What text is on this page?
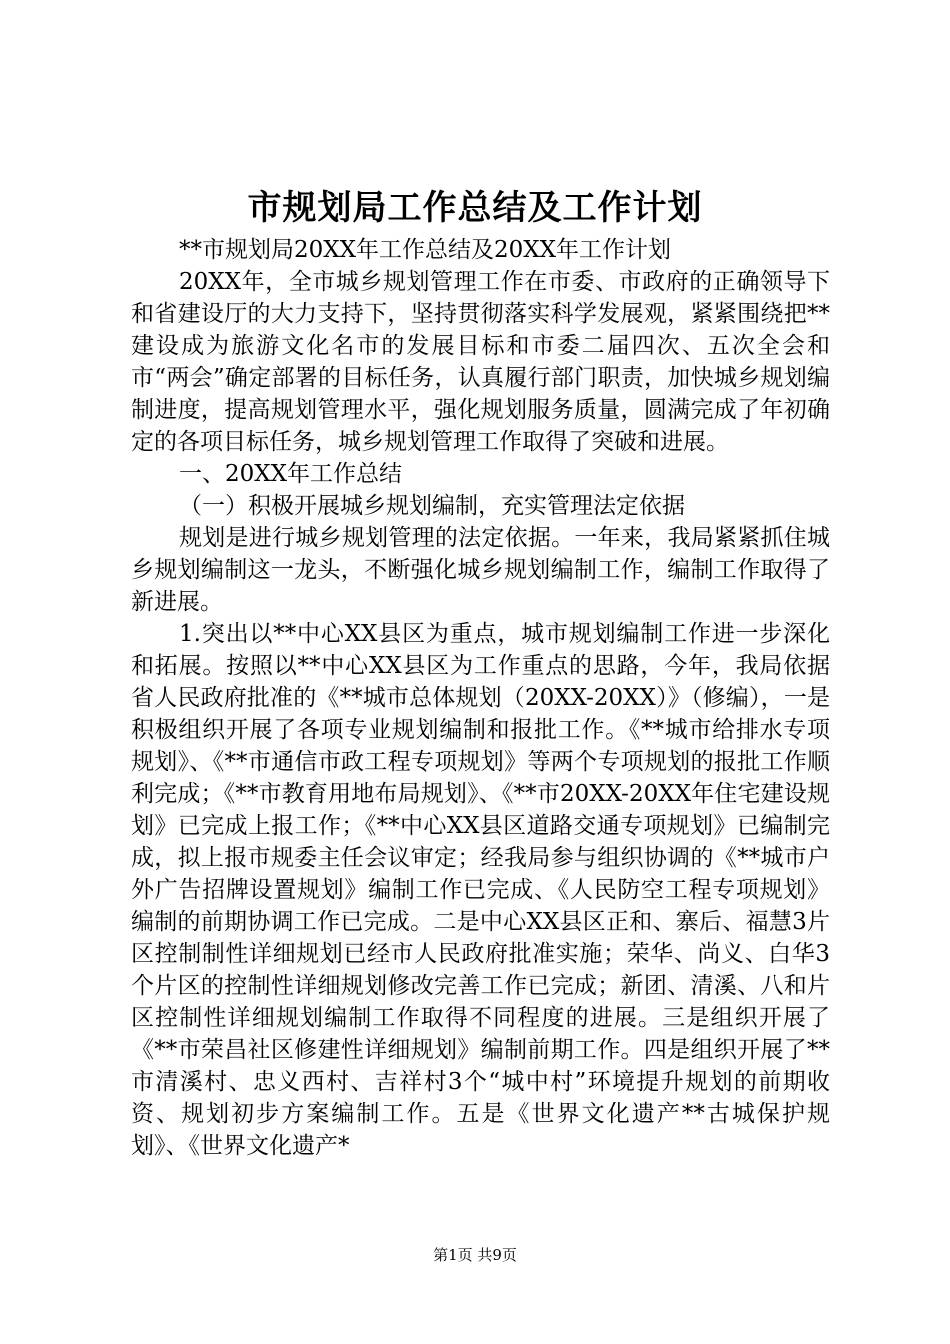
市规划局工作总结及工作计划

**市规划局20XX年工作总结及20XX年工作计划

20XX年，全市城乡规划管理工作在市委、市政府的正确领导下和省建设厅的大力支持下，坚持贯彻落实科学发展观，紧紧围绕把**建设成为旅游文化名市的发展目标和市委二届四次、五次全会和市“两会”确定部署的目标任务，认真履行部门职责，加快城乡规划编制进度，提高规划管理水平，强化规划服务质量，圆满完成了年初确定的各项目标任务，城乡规划管理工作取得了突破和进展。

一、20XX年工作总结

（一）积极开展城乡规划编制，充实管理法定依据

规划是进行城乡规划管理的法定依据。一年来，我局紧紧抓住城乡规划编制这一龙头，不断强化城乡规划编制工作，编制工作取得了新进展。

1.突出以**中心XX县区为重点，城市规划编制工作进一步深化和拓展。按照以**中心XX县区为工作重点的思路，今年，我局依据省人民政府批准的《**城市总体规划（20XX-20XX）》（修编），一是积极组织开展了各项专业规划编制和报批工作。《**城市给排水专项规划》、《**市通信市政工程专项规划》等两个专项规划的报批工作顺利完成；《**市教育用地布局规划》、《**市20XX-20XX年住宅建设规划》已完成上报工作；《**中心XX县区道路交通专项规划》已编制完成，拟上报市规委主任会议审定；经我局参与组织协调的《**城市户外广告招牌设置规划》编制工作已完成、《人民防空工程专项规划》编制的前期协调工作已完成。二是中心XX县区正和、寨后、福慧3片区控制制性详细规划已经市人民政府批准实施；荣华、尚义、白华3个片区的控制性详细规划修改完善工作已完成；新团、清溪、八和片区控制性详细规划编制工作取得不同程度的进展。三是组织开展了《**市荣昌社区修建性详细规划》编制前期工作。四是组织开展了**市清溪村、忠义西村、吉祥村3个“城中村”环境提升规划的前期收资、规划初步方案编制工作。五是《世界文化遗产**古城保护规划》、《世界文化遗产*

第1页 共9页
